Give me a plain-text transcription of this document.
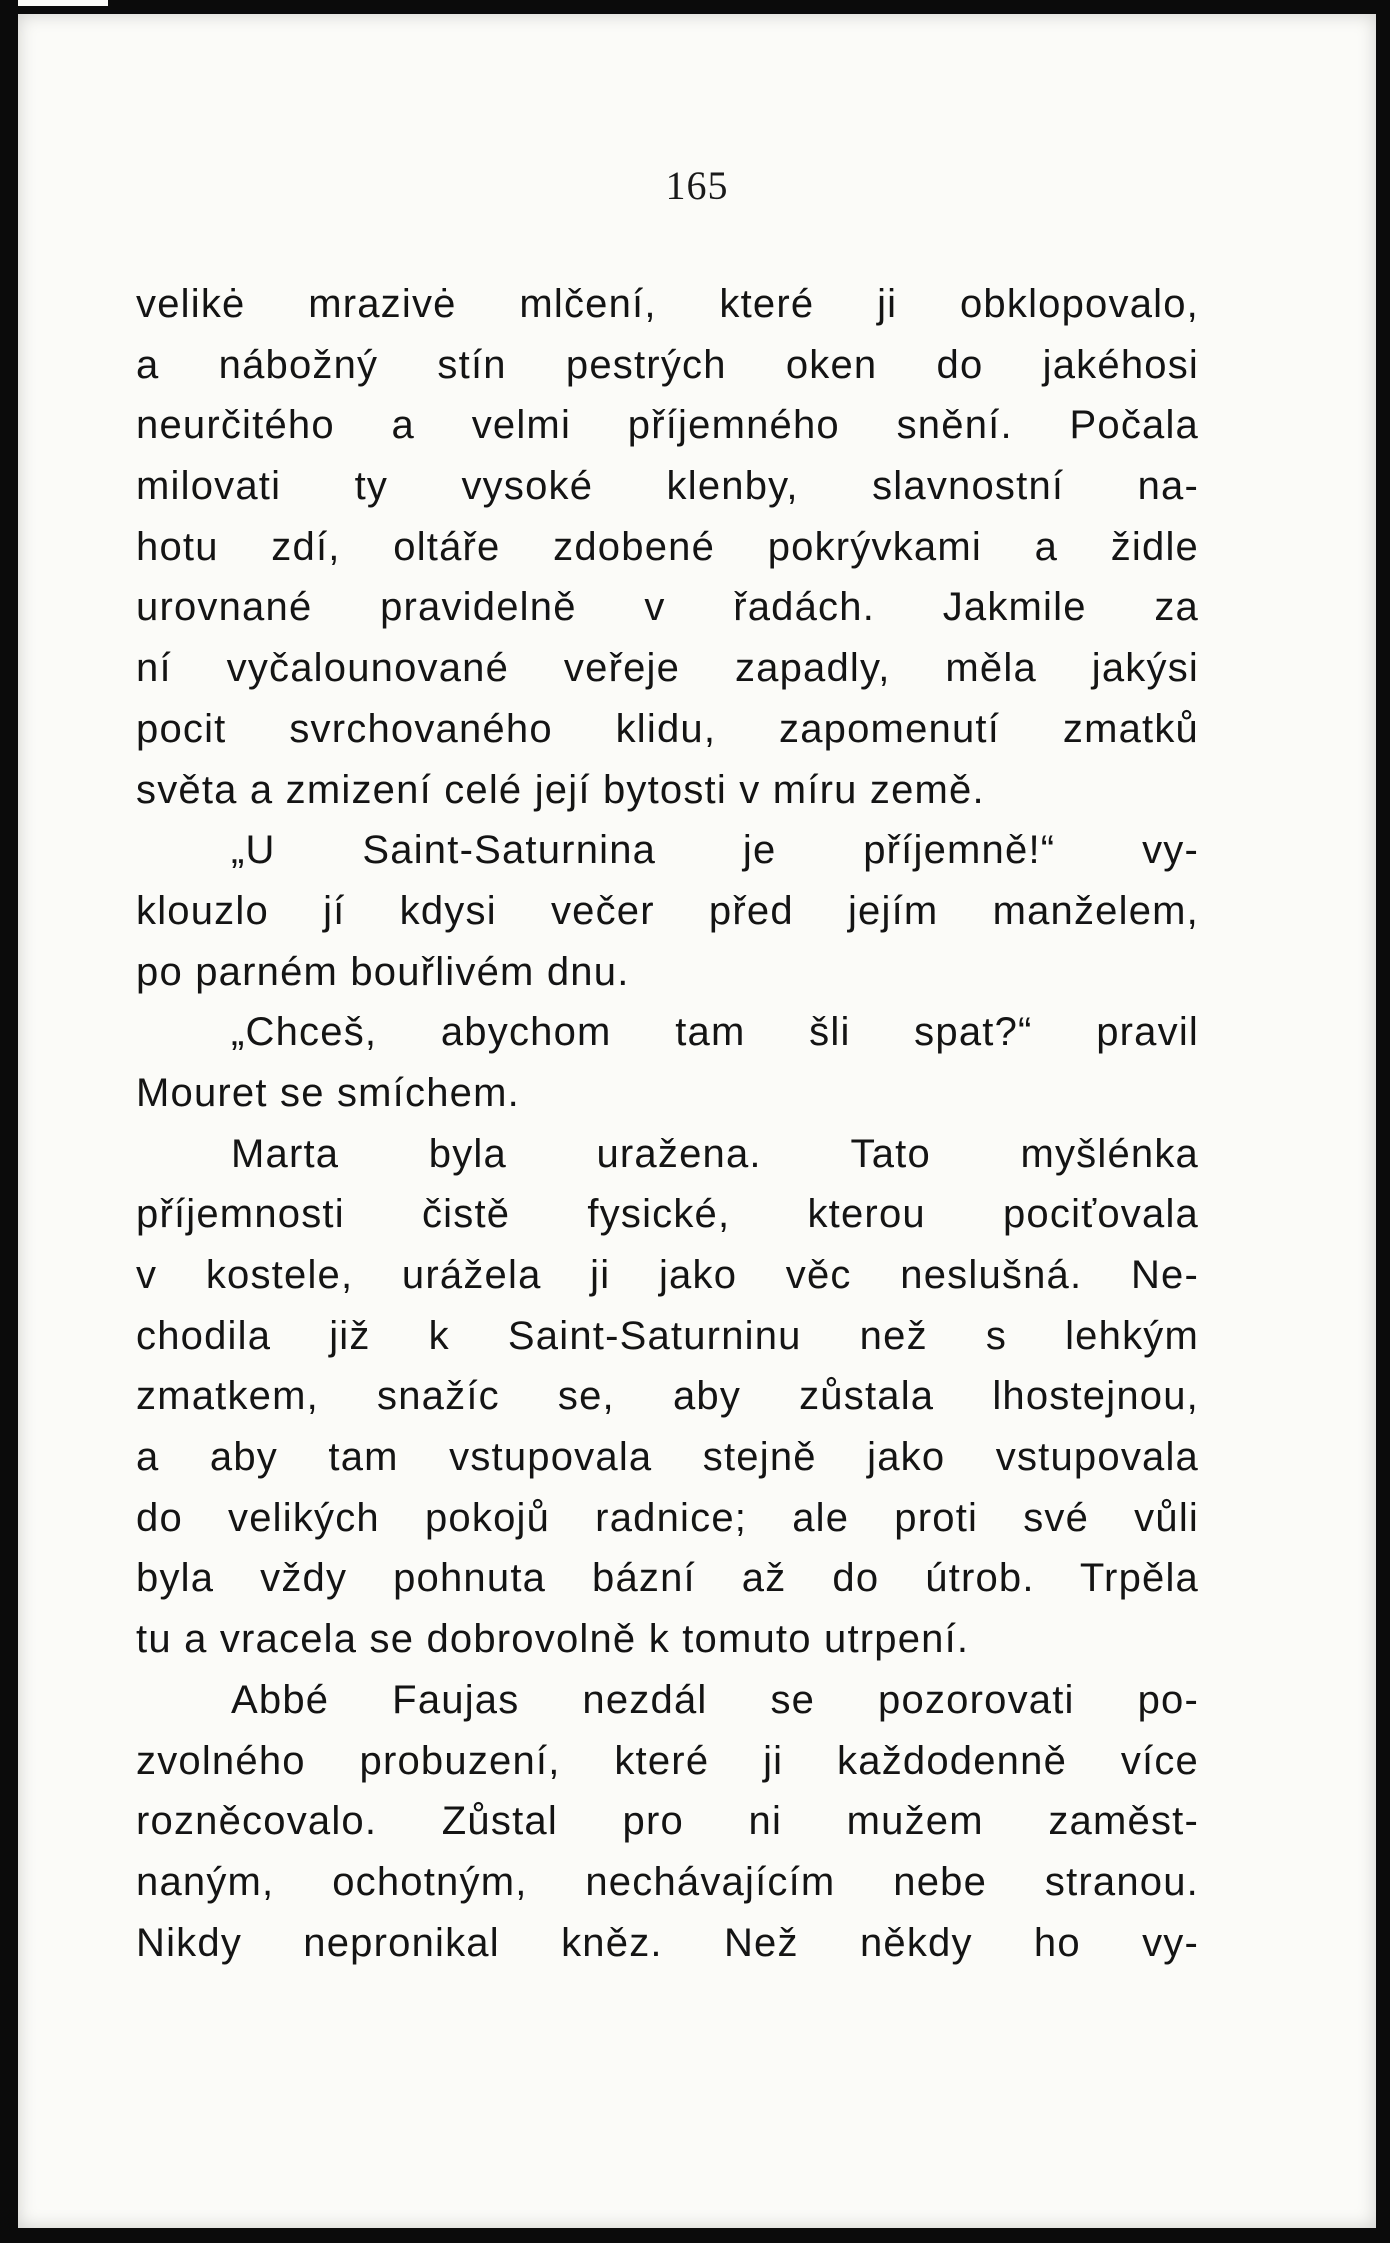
165
velikė mrazivė mlčení, které ji obklopovalo,
a nábožný stín pestrých oken do jakéhosi
neurčitého a velmi příjemného snění. Počala
milovati ty vysoké klenby, slavnostní na-
hotu zdí, oltáře zdobené pokrývkami a židle
urovnané pravidelně v řadách. Jakmile za
ní vyčalounované veřeje zapadly, měla jakýsi
pocit svrchovaného klidu, zapomenutí zmatků
světa a zmizení celé její bytosti v míru země.
„U Saint-Saturnina je příjemně!“ vy-
klouzlo jí kdysi večer před jejím manželem,
po parném bouřlivém dnu.
„Chceš, abychom tam šli spat?“ pravil
Mouret se smíchem.
Marta byla uražena. Tato myšlénka
příjemnosti čistě fysické, kterou pociťovala
v kostele, urážela ji jako věc neslušná. Ne-
chodila již k Saint-Saturninu než s lehkým
zmatkem, snažíc se, aby zůstala lhostejnou,
a aby tam vstupovala stejně jako vstupovala
do velikých pokojů radnice; ale proti své vůli
byla vždy pohnuta bázní až do útrob. Trpěla
tu a vracela se dobrovolně k tomuto utrpení.
Abbé Faujas nezdál se pozorovati po-
zvolného probuzení, které ji každodenně více
rozněcovalo. Zůstal pro ni mužem zaměst-
naným, ochotným, nechávajícím nebe stranou.
Nikdy nepronikal kněz. Než někdy ho vy-
